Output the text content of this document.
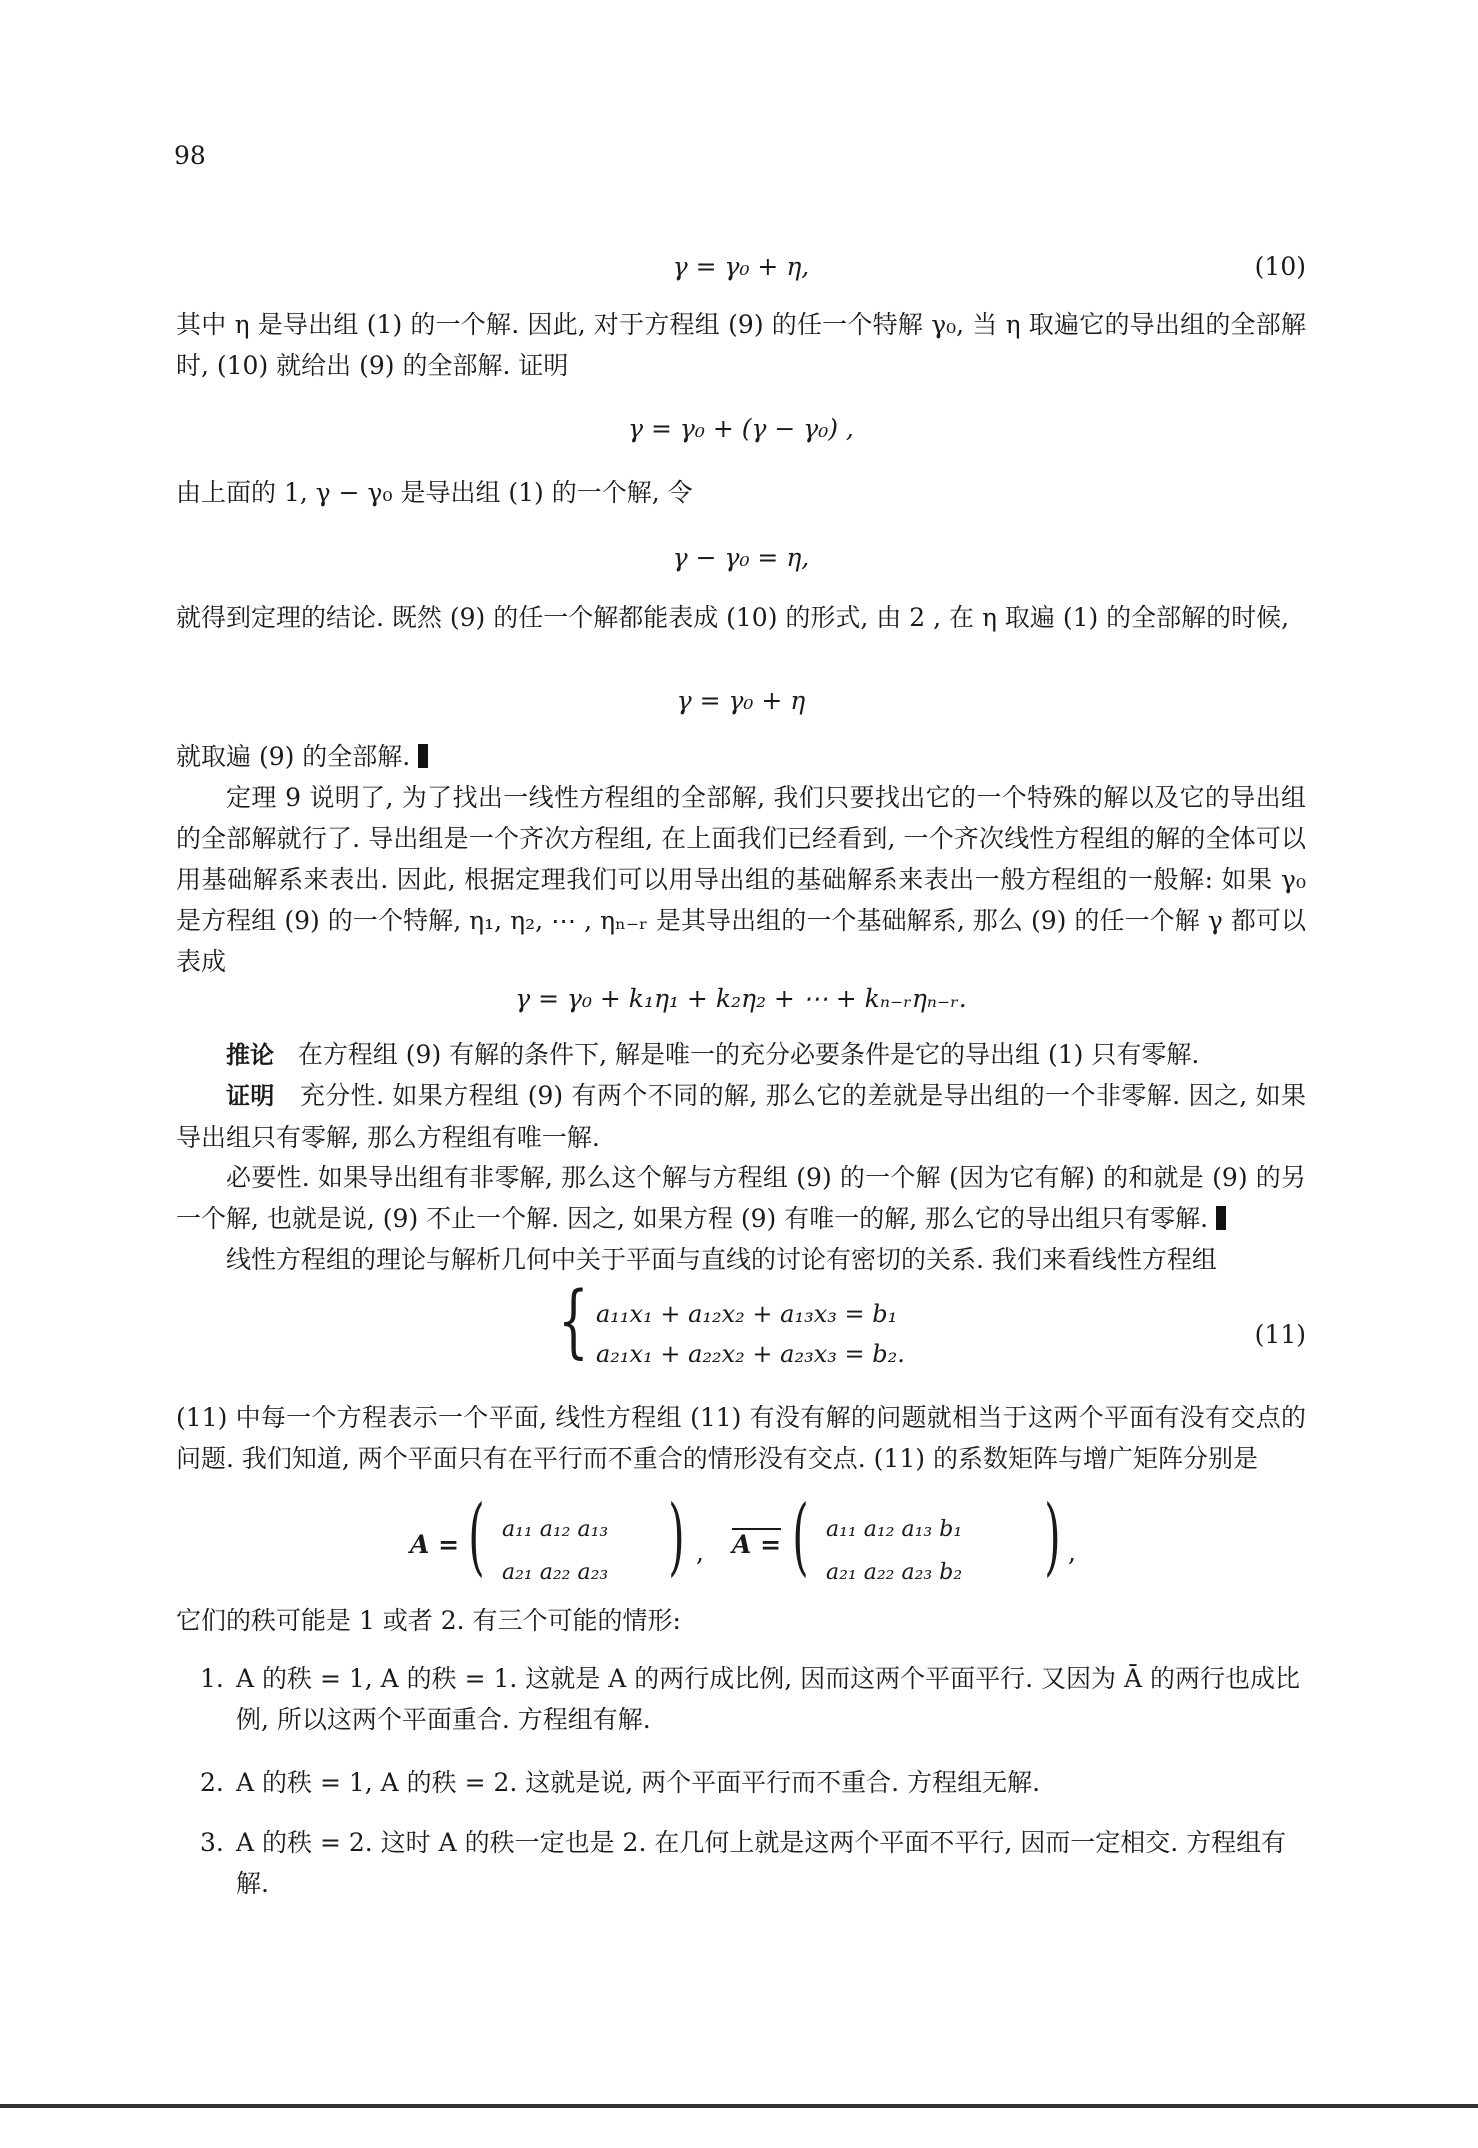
98
γ = γ₀ + η,	(10)

其中 η 是导出组 (1) 的一个解. 因此, 对于方程组 (9) 的任一个特解 γ₀, 当 η 取遍它的导出组的全部解时, (10) 就给出 (9) 的全部解. 证明

γ = γ₀ + (γ − γ₀) ,

由上面的 1, γ − γ₀ 是导出组 (1) 的一个解, 令

γ − γ₀ = η,

就得到定理的结论. 既然 (9) 的任一个解都能表成 (10) 的形式, 由 2 , 在 η 取遍 (1) 的全部解的时候,

γ = γ₀ + η

就取遍 (9) 的全部解.

定理 9 说明了, 为了找出一线性方程组的全部解, 我们只要找出它的一个特殊的解以及它的导出组的全部解就行了. 导出组是一个齐次方程组, 在上面我们已经看到, 一个齐次线性方程组的解的全体可以用基础解系来表出. 因此, 根据定理我们可以用导出组的基础解系来表出一般方程组的一般解: 如果 γ₀ 是方程组 (9) 的一个特解, η₁, η₂, ⋯ , ηₙ₋ᵣ 是其导出组的一个基础解系, 那么 (9) 的任一个解 γ 都可以表成

γ = γ₀ + k₁η₁ + k₂η₂ + ⋯ + kₙ₋ᵣηₙ₋ᵣ.

推论 在方程组 (9) 有解的条件下, 解是唯一的充分必要条件是它的导出组 (1) 只有零解.

证明 充分性. 如果方程组 (9) 有两个不同的解, 那么它的差就是导出组的一个非零解. 因之, 如果导出组只有零解, 那么方程组有唯一解.

必要性. 如果导出组有非零解, 那么这个解与方程组 (9) 的一个解 (因为它有解) 的和就是 (9) 的另一个解, 也就是说, (9) 不止一个解. 因之, 如果方程 (9) 有唯一的解, 那么它的导出组只有零解.

线性方程组的理论与解析几何中关于平面与直线的讨论有密切的关系. 我们来看线性方程组

{ a₁₁x₁ + a₁₂x₂ + a₁₃x₃ = b₁
a₂₁x₁ + a₂₂x₂ + a₂₃x₃ = b₂.
(11)

(11) 中每一个方程表示一个平面, 线性方程组 (11) 有没有解的问题就相当于这两个平面有没有交点的问题. 我们知道, 两个平面只有在平行而不重合的情形没有交点. (11) 的系数矩阵与增广矩阵分别是

A = ( a₁₁ a₁₂ a₁₃
a₂₁ a₂₂ a₂₃ ) , A = ( a₁₁ a₁₂ a₁₃ b₁
a₂₁ a₂₂ a₂₃ b₂ ) ,

它们的秩可能是 1 或者 2. 有三个可能的情形:

1. A 的秩 = 1, A 的秩 = 1. 这就是 A 的两行成比例, 因而这两个平面平行. 又因为 Ā 的两行也成比例, 所以这两个平面重合. 方程组有解.
2. A 的秩 = 1, A 的秩 = 2. 这就是说, 两个平面平行而不重合. 方程组无解.
3. A 的秩 = 2. 这时 A 的秩一定也是 2. 在几何上就是这两个平面不平行, 因而一定相交. 方程组有解.
